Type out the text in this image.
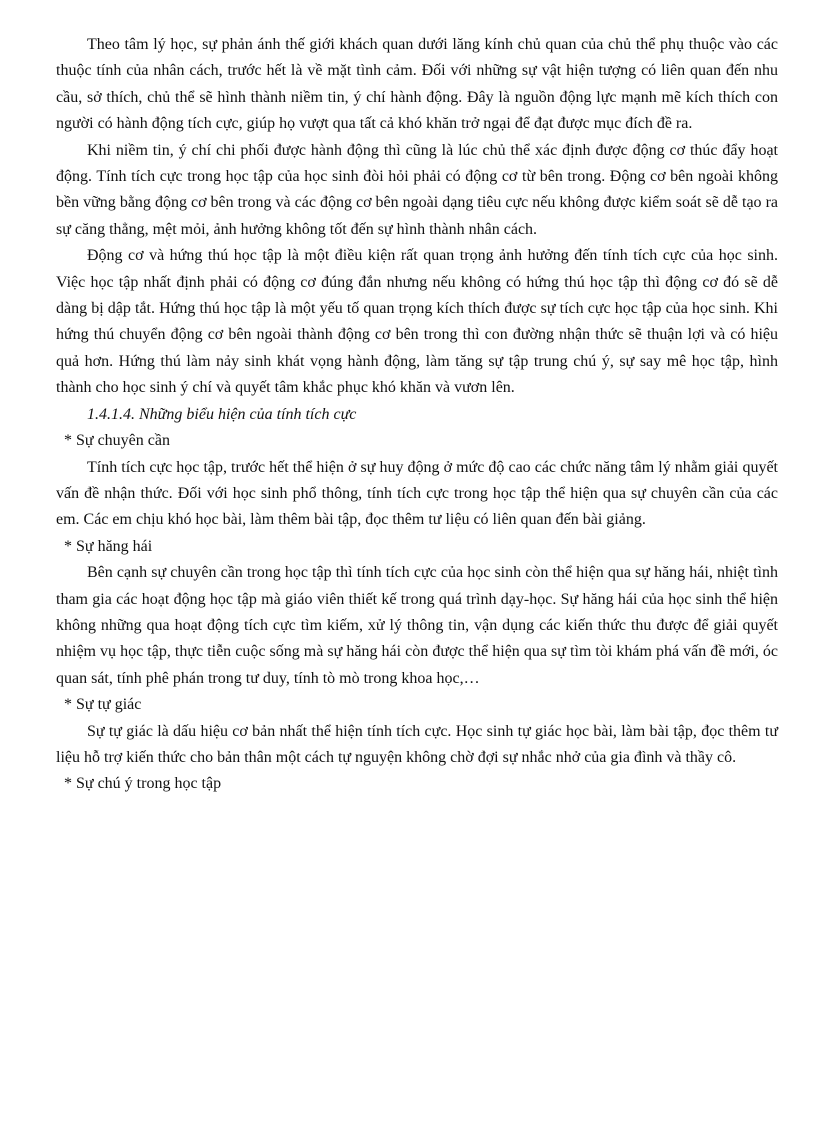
Theo tâm lý học, sự phản ánh thế giới khách quan dưới lăng kính chủ quan của chủ thể phụ thuộc vào các thuộc tính của nhân cách, trước hết là về mặt tình cảm. Đối với những sự vật hiện tượng có liên quan đến nhu cầu, sở thích, chủ thể sẽ hình thành niềm tin, ý chí hành động. Đây là nguồn động lực mạnh mẽ kích thích con người có hành động tích cực, giúp họ vượt qua tất cả khó khăn trở ngại để đạt được mục đích đề ra.

Khi niềm tin, ý chí chi phối được hành động thì cũng là lúc chủ thể xác định được động cơ thúc đẩy hoạt động. Tính tích cực trong học tập của học sinh đòi hỏi phải có động cơ từ bên trong. Động cơ bên ngoài không bền vững bằng động cơ bên trong và các động cơ bên ngoài dạng tiêu cực nếu không được kiểm soát sẽ dễ tạo ra sự căng thẳng, mệt mỏi, ảnh hưởng không tốt đến sự hình thành nhân cách.

Động cơ và hứng thú học tập là một điều kiện rất quan trọng ảnh hưởng đến tính tích cực của học sinh. Việc học tập nhất định phải có động cơ đúng đắn nhưng nếu không có hứng thú học tập thì động cơ đó sẽ dễ dàng bị dập tắt. Hứng thú học tập là một yếu tố quan trọng kích thích được sự tích cực học tập của học sinh. Khi hứng thú chuyển động cơ bên ngoài thành động cơ bên trong thì con đường nhận thức sẽ thuận lợi và có hiệu quả hơn. Hứng thú làm nảy sinh khát vọng hành động, làm tăng sự tập trung chú ý, sự say mê học tập, hình thành cho học sinh ý chí và quyết tâm khắc phục khó khăn và vươn lên.

1.4.1.4. Những biểu hiện của tính tích cực

* Sự chuyên cần

Tính tích cực học tập, trước hết thể hiện ở sự huy động ở mức độ cao các chức năng tâm lý nhằm giải quyết vấn đề nhận thức. Đối với học sinh phổ thông, tính tích cực trong học tập thể hiện qua sự chuyên cần của các em. Các em chịu khó học bài, làm thêm bài tập, đọc thêm tư liệu có liên quan đến bài giảng.

* Sự hăng hái

Bên cạnh sự chuyên cần trong học tập thì tính tích cực của học sinh còn thể hiện qua sự hăng hái, nhiệt tình tham gia các hoạt động học tập mà giáo viên thiết kế trong quá trình dạy-học. Sự hăng hái của học sinh thể hiện không những qua hoạt động tích cực tìm kiếm, xử lý thông tin, vận dụng các kiến thức thu được để giải quyết nhiệm vụ học tập, thực tiễn cuộc sống mà sự hăng hái còn được thể hiện qua sự tìm tòi khám phá vấn đề mới, óc quan sát, tính phê phán trong tư duy, tính tò mò trong khoa học,…

* Sự tự giác

Sự tự giác là dấu hiệu cơ bản nhất thể hiện tính tích cực. Học sinh tự giác học bài, làm bài tập, đọc thêm tư liệu hỗ trợ kiến thức cho bản thân một cách tự nguyện không chờ đợi sự nhắc nhở của gia đình và thầy cô.

* Sự chú ý trong học tập
